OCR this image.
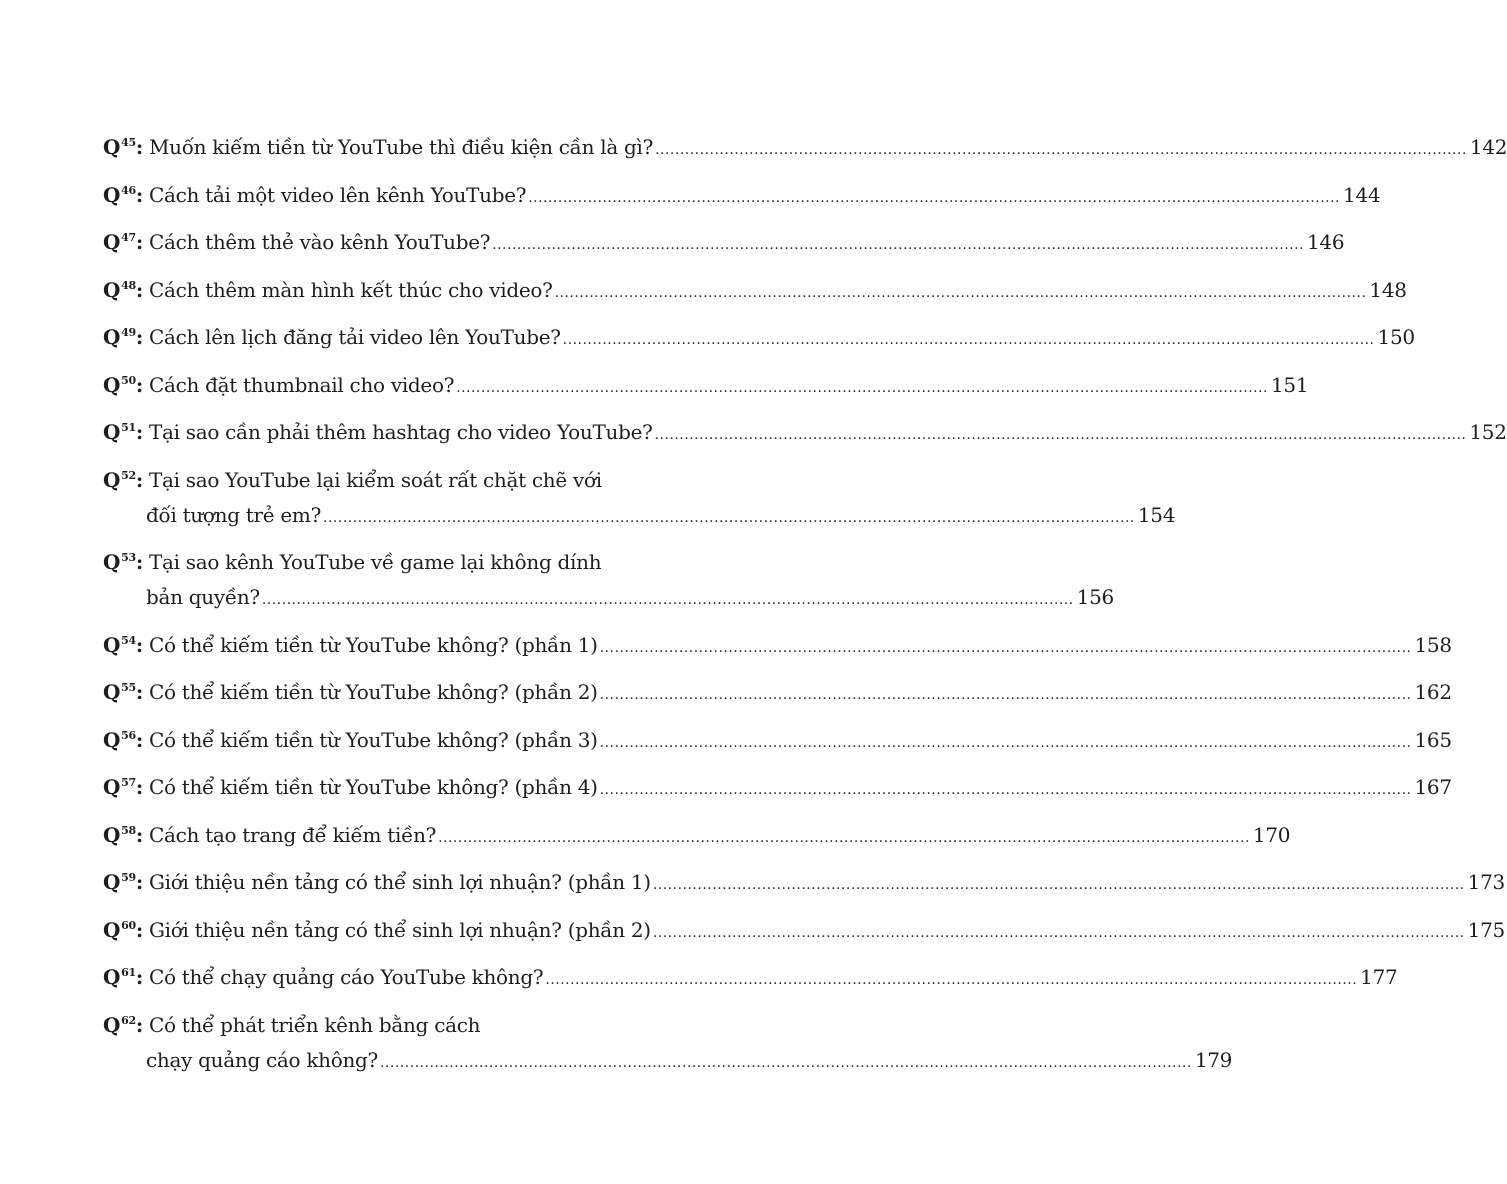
$Q^{45}$: Muốn kiếm tiền từ YouTube thì điều kiện cần là gì? .....	142
$Q^{46}$: Cách tải một video lên kênh YouTube? .....	144
$Q^{47}$: Cách thêm thẻ vào kênh YouTube? .....	146
$Q^{48}$: Cách thêm màn hình kết thúc cho video? .....	148
$Q^{49}$: Cách lên lịch đăng tải video lên YouTube? .....	150
$Q^{50}$: Cách đặt thumbnail cho video? .....	151
$Q^{51}$: Tại sao cần phải thêm hashtag cho video YouTube? .....	152
$Q^{52}$: Tại sao YouTube lại kiểm soát rất chặt chẽ với
đối tượng trẻ em? .....	154
$Q^{53}$: Tại sao kênh YouTube về game lại không dính
bản quyền? .....	156
$Q^{54}$: Có thể kiếm tiền từ YouTube không? (phần 1) .....	158
$Q^{55}$: Có thể kiếm tiền từ YouTube không? (phần 2) .....	162
$Q^{56}$: Có thể kiếm tiền từ YouTube không? (phần 3) .....	165
$Q^{57}$: Có thể kiếm tiền từ YouTube không? (phần 4) .....	167
$Q^{58}$: Cách tạo trang để kiếm tiền? .....	170
$Q^{59}$: Giới thiệu nền tảng có thể sinh lợi nhuận? (phần 1) .....	173
$Q^{60}$: Giới thiệu nền tảng có thể sinh lợi nhuận? (phần 2) .....	175
$Q^{61}$: Có thể chạy quảng cáo YouTube không? .....	177
$Q^{62}$: Có thể phát triển kênh bằng cách
chạy quảng cáo không? .....	179
